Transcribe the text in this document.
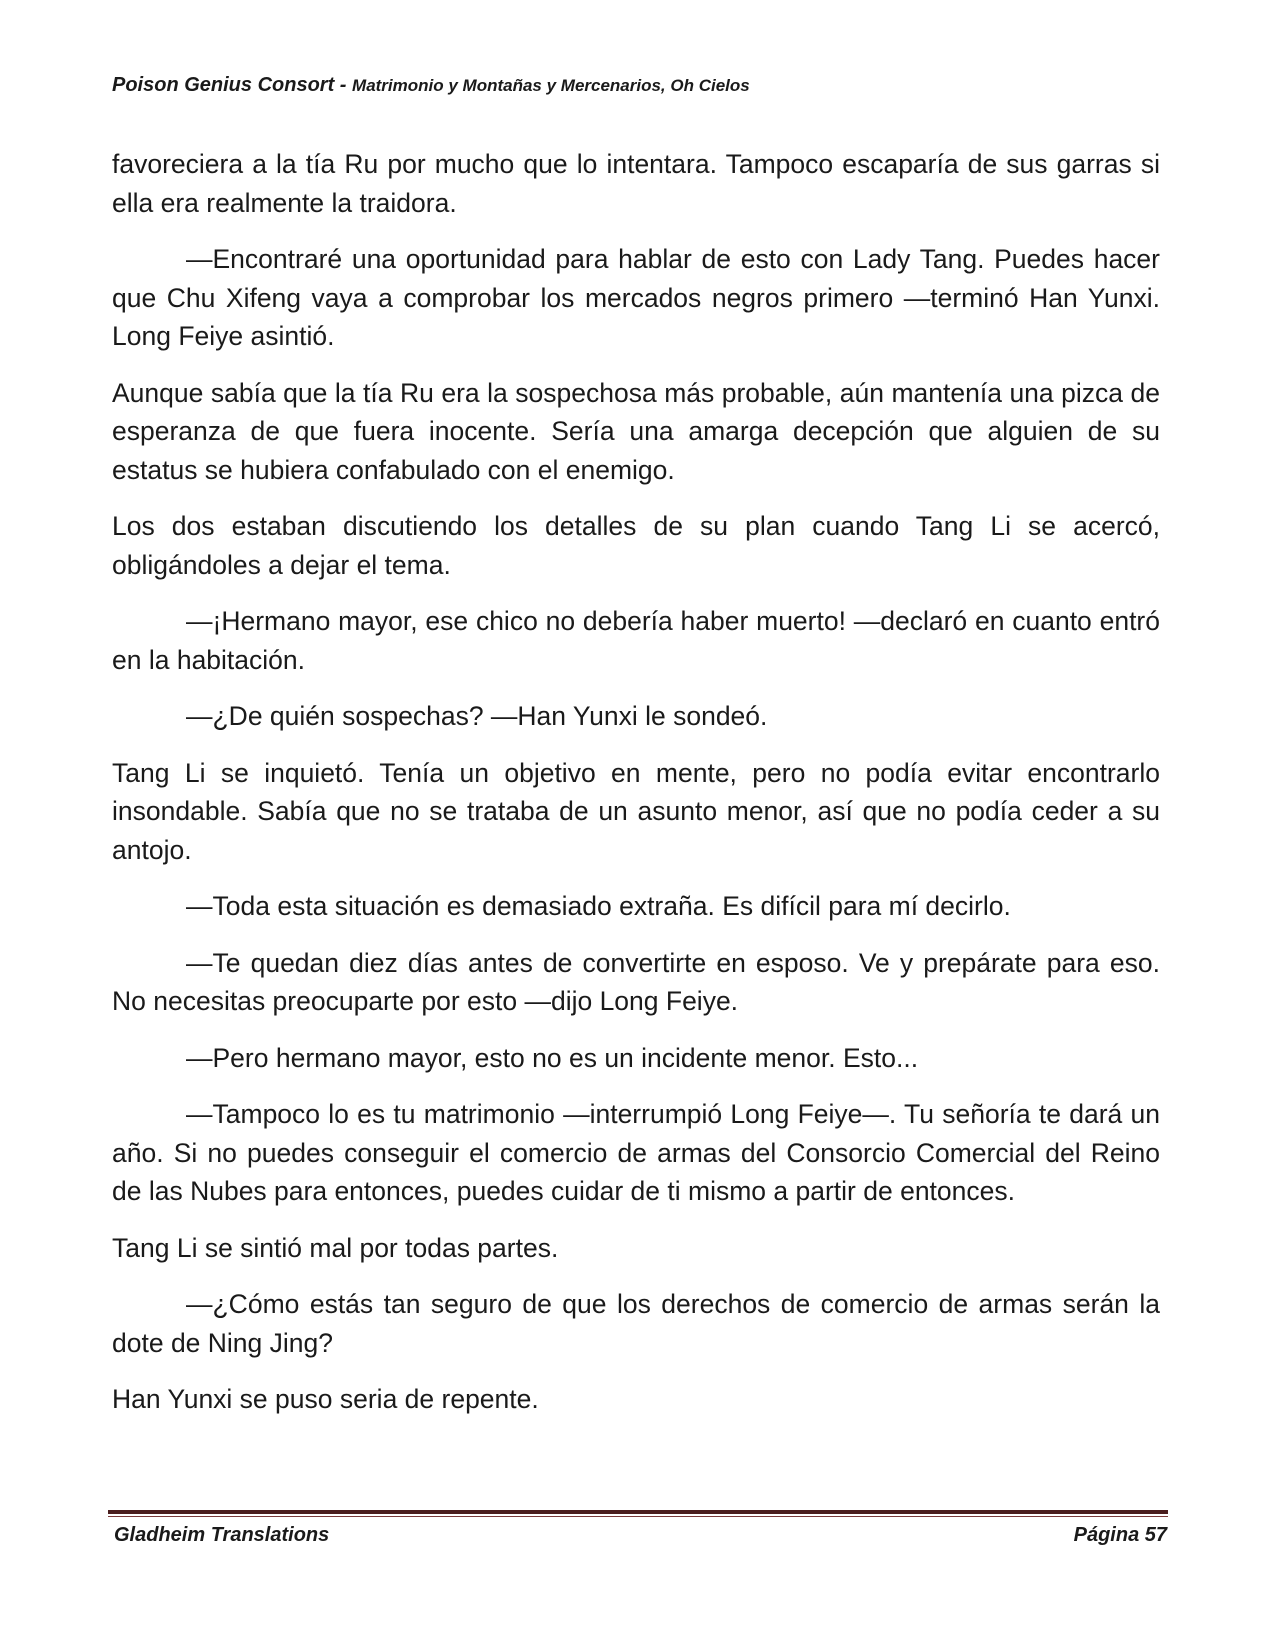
Poison Genius Consort - Matrimonio y Montañas y Mercenarios, Oh Cielos

favoreciera a la tía Ru por mucho que lo intentara. Tampoco escaparía de sus garras si ella era realmente la traidora.

—Encontraré una oportunidad para hablar de esto con Lady Tang. Puedes hacer que Chu Xifeng vaya a comprobar los mercados negros primero —terminó Han Yunxi. Long Feiye asintió.

Aunque sabía que la tía Ru era la sospechosa más probable, aún mantenía una pizca de esperanza de que fuera inocente. Sería una amarga decepción que alguien de su estatus se hubiera confabulado con el enemigo.

Los dos estaban discutiendo los detalles de su plan cuando Tang Li se acercó, obligándoles a dejar el tema.

—¡Hermano mayor, ese chico no debería haber muerto! —declaró en cuanto entró en la habitación.

—¿De quién sospechas? —Han Yunxi le sondeó.

Tang Li se inquietó. Tenía un objetivo en mente, pero no podía evitar encontrarlo insondable. Sabía que no se trataba de un asunto menor, así que no podía ceder a su antojo.

—Toda esta situación es demasiado extraña. Es difícil para mí decirlo.

—Te quedan diez días antes de convertirte en esposo. Ve y prepárate para eso. No necesitas preocuparte por esto —dijo Long Feiye.

—Pero hermano mayor, esto no es un incidente menor. Esto...

—Tampoco lo es tu matrimonio —interrumpió Long Feiye—. Tu señoría te dará un año. Si no puedes conseguir el comercio de armas del Consorcio Comercial del Reino de las Nubes para entonces, puedes cuidar de ti mismo a partir de entonces.

Tang Li se sintió mal por todas partes.

—¿Cómo estás tan seguro de que los derechos de comercio de armas serán la dote de Ning Jing?

Han Yunxi se puso seria de repente.

Gladheim Translations	Página 57
